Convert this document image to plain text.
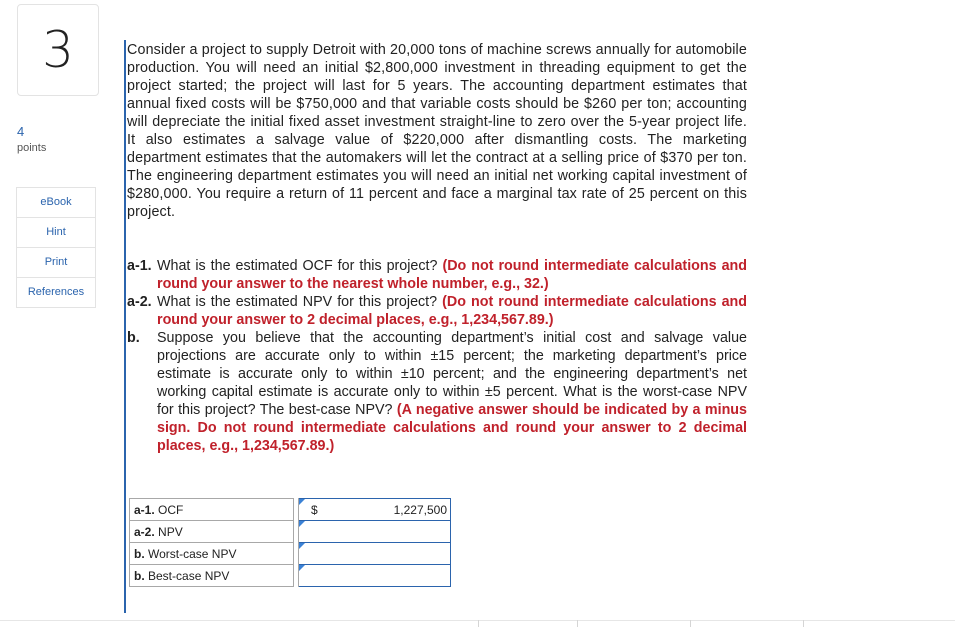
3
4
points
eBook
Hint
Print
References
Consider a project to supply Detroit with 20,000 tons of machine screws annually for automobile production. You will need an initial $2,800,000 investment in threading equipment to get the project started; the project will last for 5 years. The accounting department estimates that annual fixed costs will be $750,000 and that variable costs should be $260 per ton; accounting will depreciate the initial fixed asset investment straight-line to zero over the 5-year project life. It also estimates a salvage value of $220,000 after dismantling costs. The marketing department estimates that the automakers will let the contract at a selling price of $370 per ton. The engineering department estimates you will need an initial net working capital investment of $280,000. You require a return of 11 percent and face a marginal tax rate of 25 percent on this project.
a-1. What is the estimated OCF for this project? (Do not round intermediate calculations and round your answer to the nearest whole number, e.g., 32.)
a-2. What is the estimated NPV for this project? (Do not round intermediate calculations and round your answer to 2 decimal places, e.g., 1,234,567.89.)
b.	Suppose you believe that the accounting department’s initial cost and salvage value projections are accurate only to within ±15 percent; the marketing department’s price estimate is accurate only to within ±10 percent; and the engineering department’s net working capital estimate is accurate only to within ±5 percent. What is the worst-case NPV for this project? The best-case NPV? (A negative answer should be indicated by a minus sign. Do not round intermediate calculations and round your answer to 2 decimal places, e.g., 1,234,567.89.)
a-1. OCF		$ 1,227,500

a-2. NPV		

b. Worst-case NPV		

b. Best-case NPV		
